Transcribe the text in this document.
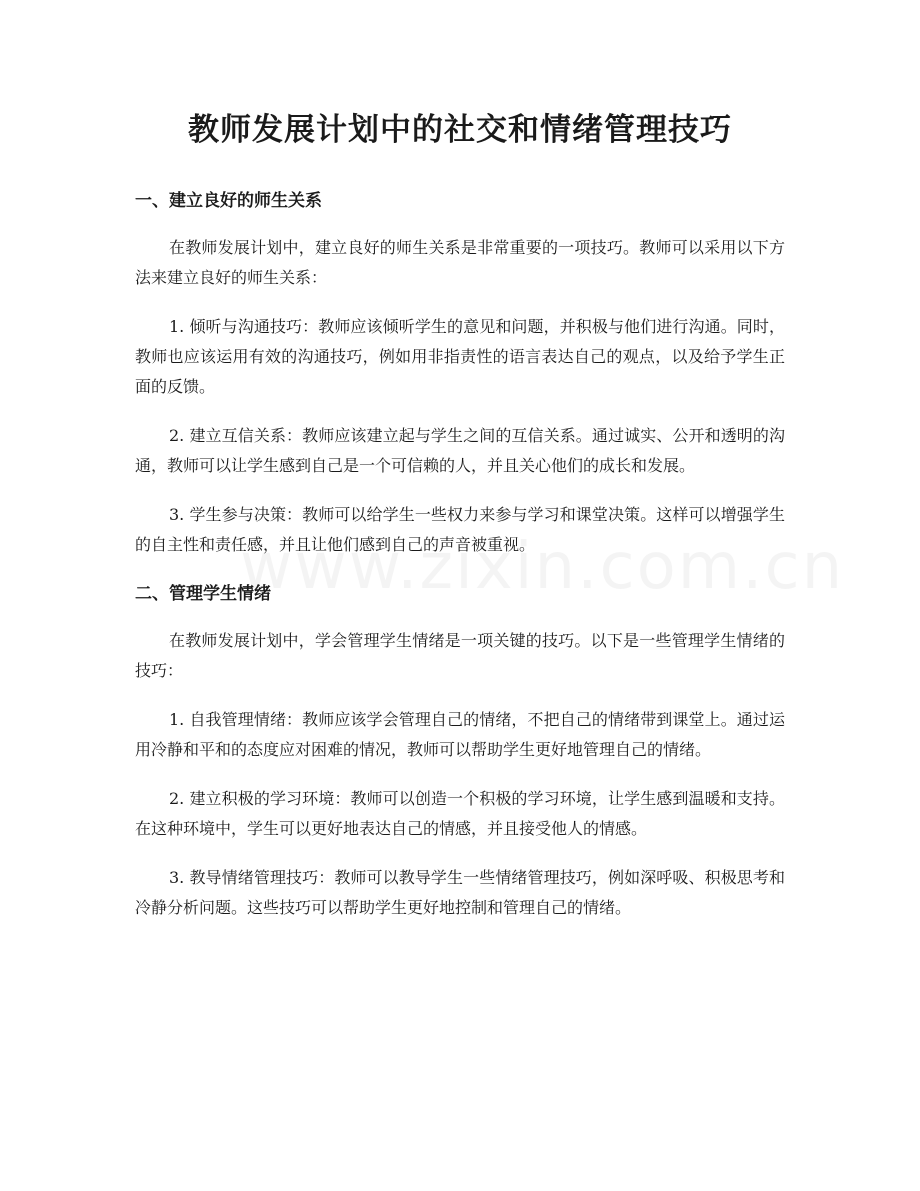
教师发展计划中的社交和情绪管理技巧
一、建立良好的师生关系

在教师发展计划中，建立良好的师生关系是非常重要的一项技巧。教师可以采用以下方法来建立良好的师生关系：

1. 倾听与沟通技巧：教师应该倾听学生的意见和问题，并积极与他们进行沟通。同时，教师也应该运用有效的沟通技巧，例如用非指责性的语言表达自己的观点，以及给予学生正面的反馈。

2. 建立互信关系：教师应该建立起与学生之间的互信关系。通过诚实、公开和透明的沟通，教师可以让学生感到自己是一个可信赖的人，并且关心他们的成长和发展。

3. 学生参与决策：教师可以给学生一些权力来参与学习和课堂决策。这样可以增强学生的自主性和责任感，并且让他们感到自己的声音被重视。

二、管理学生情绪

在教师发展计划中，学会管理学生情绪是一项关键的技巧。以下是一些管理学生情绪的技巧：

1. 自我管理情绪：教师应该学会管理自己的情绪，不把自己的情绪带到课堂上。通过运用冷静和平和的态度应对困难的情况，教师可以帮助学生更好地管理自己的情绪。

2. 建立积极的学习环境：教师可以创造一个积极的学习环境，让学生感到温暖和支持。在这种环境中，学生可以更好地表达自己的情感，并且接受他人的情感。

3. 教导情绪管理技巧：教师可以教导学生一些情绪管理技巧，例如深呼吸、积极思考和冷静分析问题。这些技巧可以帮助学生更好地控制和管理自己的情绪。
